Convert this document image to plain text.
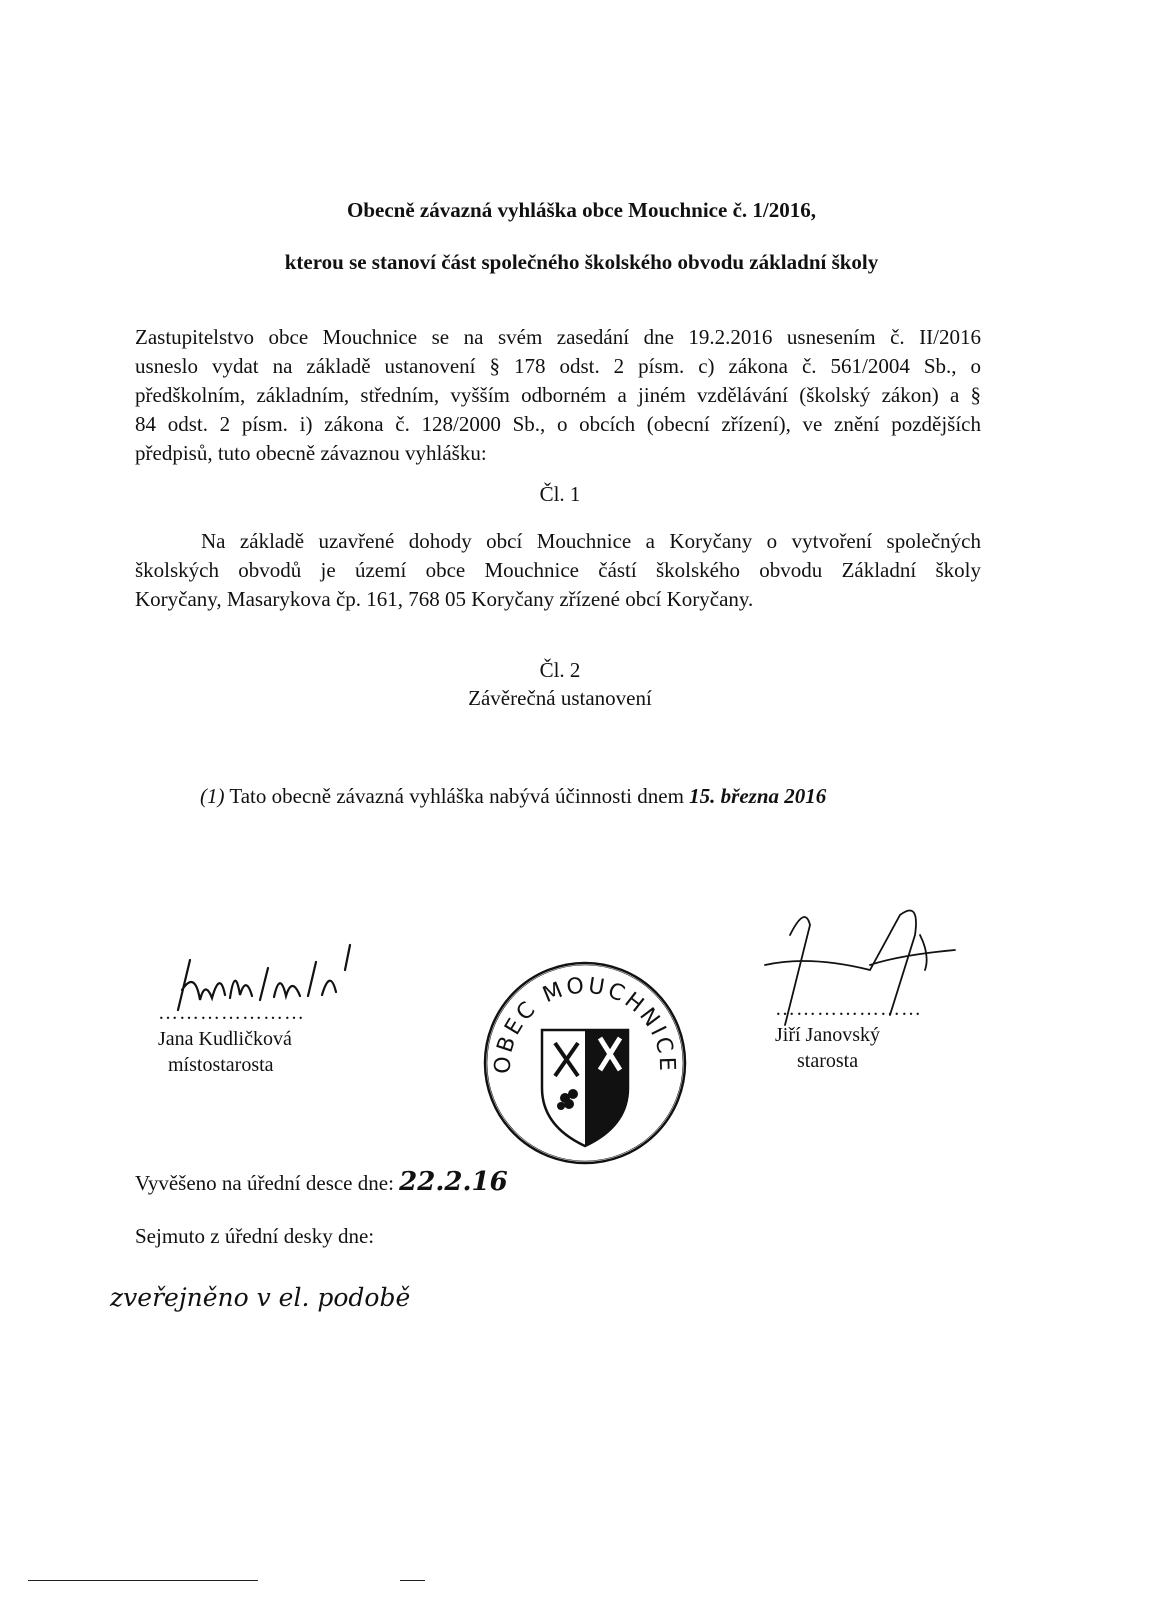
Obecně závazná vyhláška obce Mouchnice č. 1/2016,
kterou se stanoví část společného školského obvodu základní školy
Zastupitelstvo obce Mouchnice se na svém zasedání dne 19.2.2016 usnesením č. II/2016
usneslo vydat na základě ustanovení § 178 odst. 2 písm. c) zákona č. 561/2004 Sb., o
předškolním, základním, středním, vyšším odborném a jiném vzdělávání (školský zákon) a §
84 odst. 2 písm. i) zákona č. 128/2000 Sb., o obcích (obecní zřízení), ve znění pozdějších
předpisů, tuto obecně závaznou vyhlášku:
Čl. 1
Na základě uzavřené dohody obcí Mouchnice a Koryčany o vytvoření společných
školských obvodů je území obce Mouchnice částí školského obvodu Základní školy
Koryčany, Masarykova čp. 161, 768 05 Koryčany zřízené obcí Koryčany.
Čl. 2
Závěrečná ustanovení
(1) Tato obecně závazná vyhláška nabývá účinnosti dnem 15. března 2016
…………………
Jana Kudličková
místostarosta	OBEC MOUCHNICE
…………………
Jiří Janovský
starosta
Vyvěšeno na úřední desce dne: 22.2.16
Sejmuto z úřední desky dne:
zveřejněno v el. podobě
